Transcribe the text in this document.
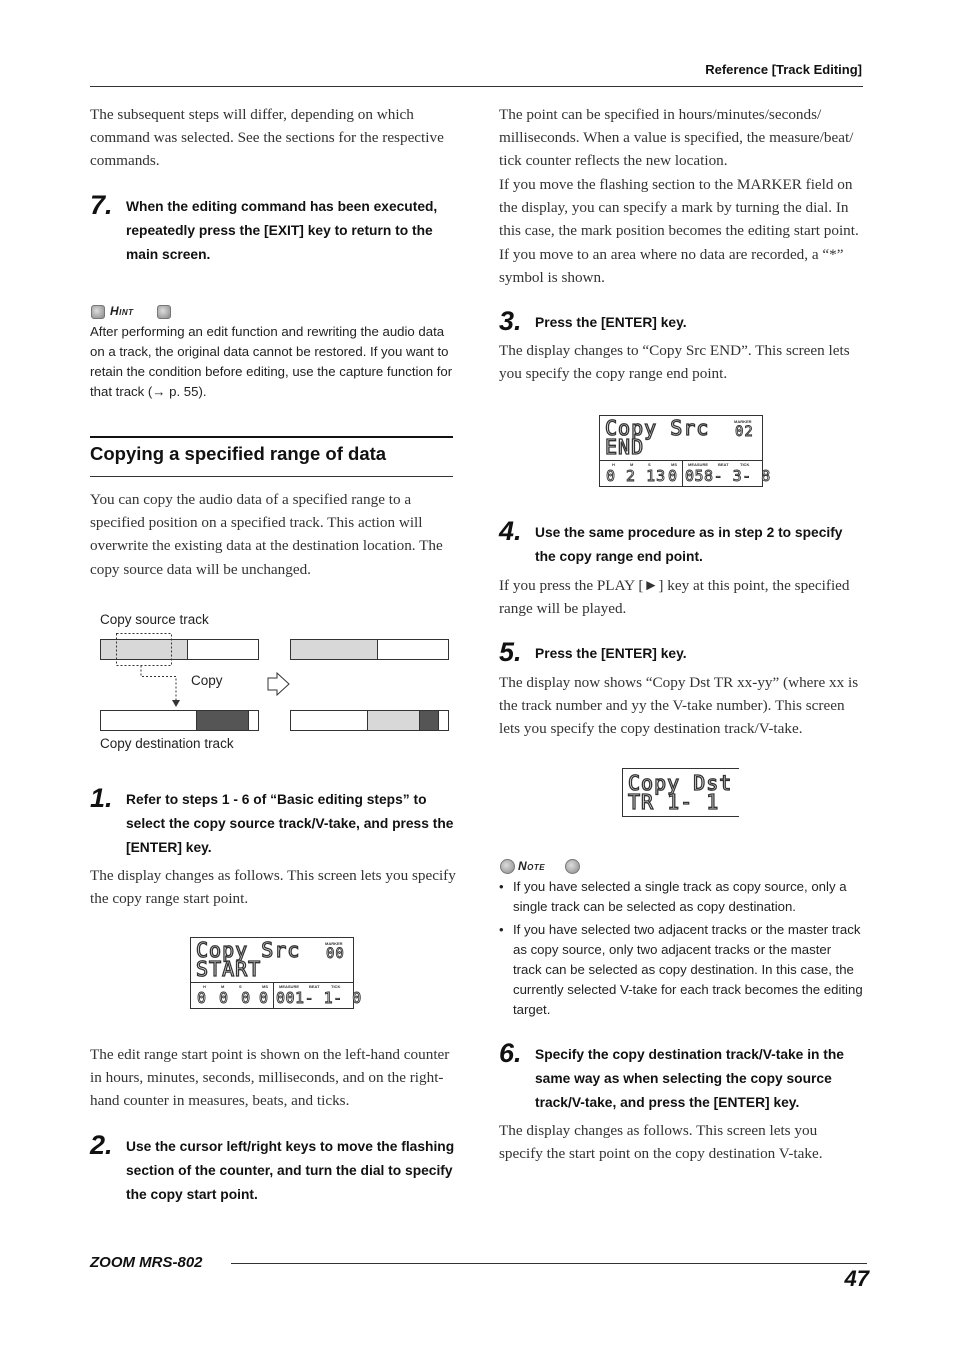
Reference [Track Editing]
The subsequent steps will differ, depending on which command was selected. See the sections for the respective commands.
7. When the editing command has been executed, repeatedly press the [EXIT] key to return to the main screen.
Hint
After performing an edit function and rewriting the audio data on a track, the original data cannot be restored. If you want to retain the condition before editing, use the capture function for that track (→ p. 55).
Copying a specified range of data
You can copy the audio data of a specified range to a specified position on a specified track. This action will overwrite the existing data at the destination location. The copy source data will be unchanged.
Copy source track
Copy
Copy destination track
1. Refer to steps 1 - 6 of “Basic editing steps” to select the copy source track/V-take, and press the [ENTER] key.
The display changes as follows. This screen lets you specify the copy range start point.
Copy Src
START
MARKER
00
H	M	S	MS	MEASURE BEAT	TICK
0 0 0 0 001- 1- 0
The edit range start point is shown on the left-hand counter in hours, minutes, seconds, milliseconds, and on the right-hand counter in measures, beats, and ticks.
2. Use the cursor left/right keys to move the flashing section of the counter, and turn the dial to specify the copy start point.
The point can be specified in hours/minutes/seconds/ milliseconds. When a value is specified, the measure/beat/ tick counter reflects the new location.
If you move the flashing section to the MARKER field on the display, you can specify a mark by turning the dial. In this case, the mark position becomes the editing start point. If you move to an area where no data are recorded, a “*” symbol is shown.
3. Press the [ENTER] key.
The display changes to “Copy Src END”. This screen lets you specify the copy range end point.
Copy Src
END
MARKER
02
H	M	S	MS	MEASURE BEAT	TICK
0 2 13 0 058- 3- 8
4. Use the same procedure as in step 2 to specify the copy range end point.
If you press the PLAY [►] key at this point, the specified range will be played.
5. Press the [ENTER] key.
The display now shows “Copy Dst TR xx-yy” (where xx is the track number and yy the V-take number). This screen lets you specify the copy destination track/V-take.
Copy Dst
TR 1- 1
Note
• If you have selected a single track as copy source, only a single track can be selected as copy destination.
• If you have selected two adjacent tracks or the master track as copy source, only two adjacent tracks or the master track can be selected as copy destination. In this case, the currently selected V-take for each track becomes the editing target.
6. Specify the copy destination track/V-take in the same way as when selecting the copy source track/V-take, and press the [ENTER] key.
The display changes as follows. This screen lets you specify the start point on the copy destination V-take.
ZOOM MRS-802
47
